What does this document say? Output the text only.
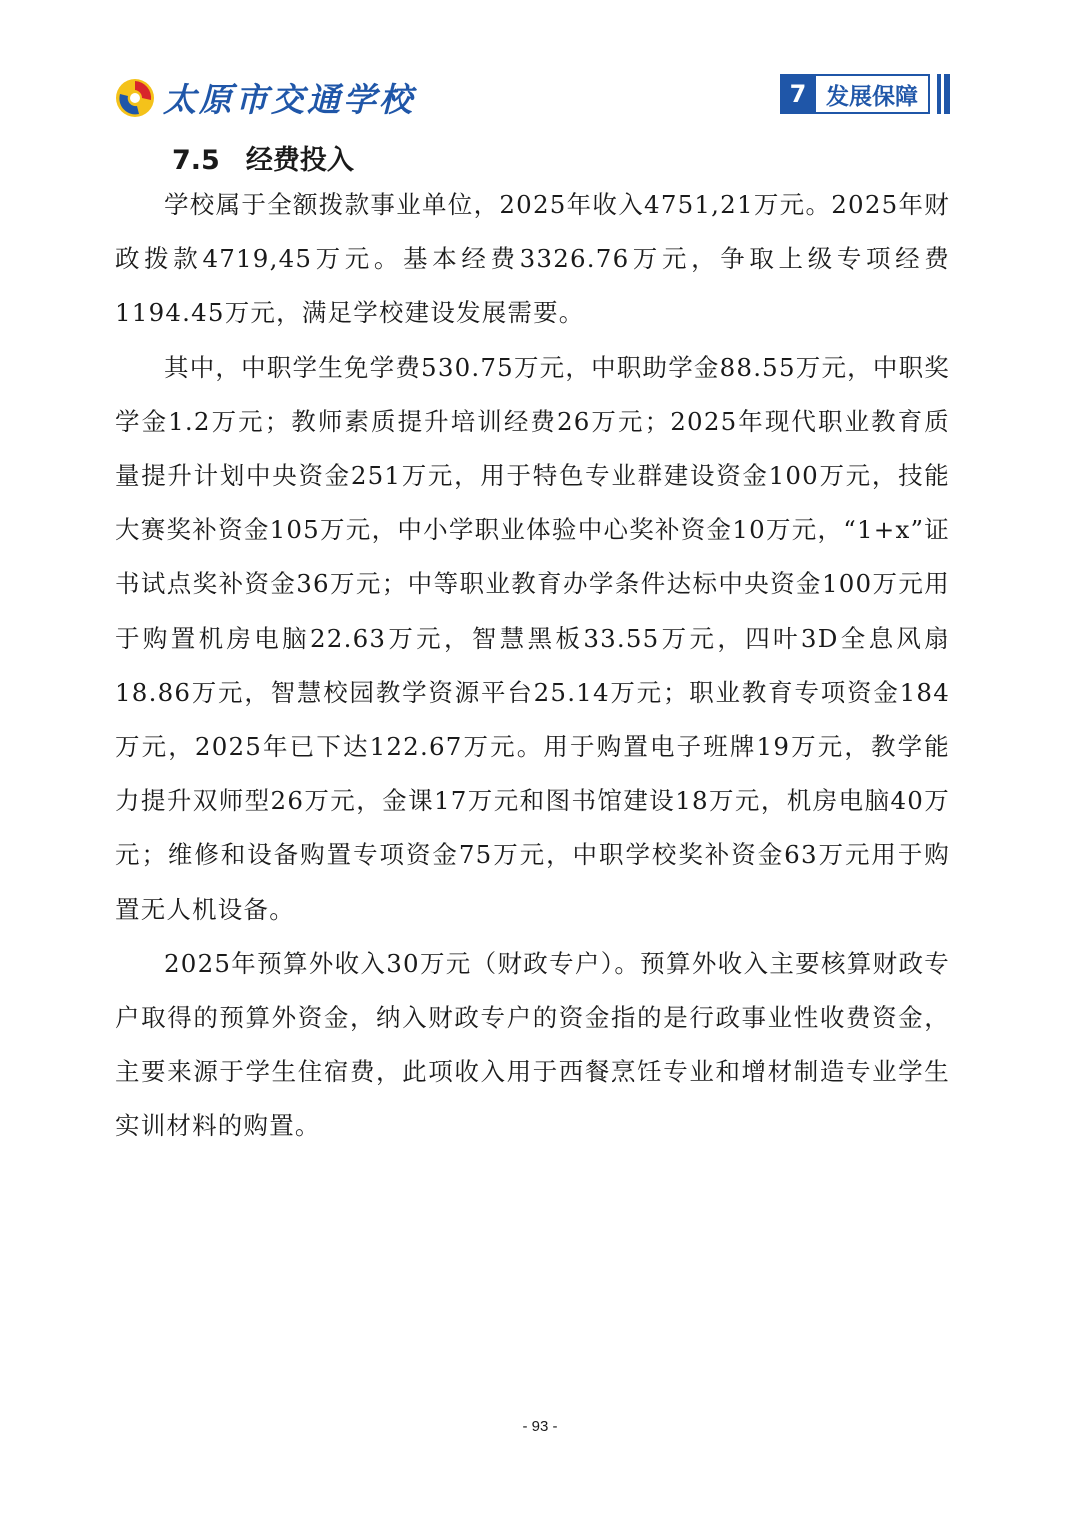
太原市交通学校	7 发展保障
7.5 经费投入

学校属于全额拨款事业单位，2025年收入4751,21万元。2025年财政拨款4719,45万元。基本经费3326.76万元，争取上级专项经费1194.45万元，满足学校建设发展需要。

其中，中职学生免学费530.75万元，中职助学金88.55万元，中职奖学金1.2万元；教师素质提升培训经费26万元；2025年现代职业教育质量提升计划中央资金251万元，用于特色专业群建设资金100万元，技能大赛奖补资金105万元，中小学职业体验中心奖补资金10万元，“1+x”证书试点奖补资金36万元；中等职业教育办学条件达标中央资金100万元用于购置机房电脑22.63万元，智慧黑板33.55万元，四叶3D全息风扇18.86万元，智慧校园教学资源平台25.14万元；职业教育专项资金184万元，2025年已下达122.67万元。用于购置电子班牌19万元，教学能力提升双师型26万元，金课17万元和图书馆建设18万元，机房电脑40万元；维修和设备购置专项资金75万元，中职学校奖补资金63万元用于购置无人机设备。

2025年预算外收入30万元（财政专户）。预算外收入主要核算财政专户取得的预算外资金，纳入财政专户的资金指的是行政事业性收费资金，主要来源于学生住宿费，此项收入用于西餐烹饪专业和增材制造专业学生实训材料的购置。

- 93 -
